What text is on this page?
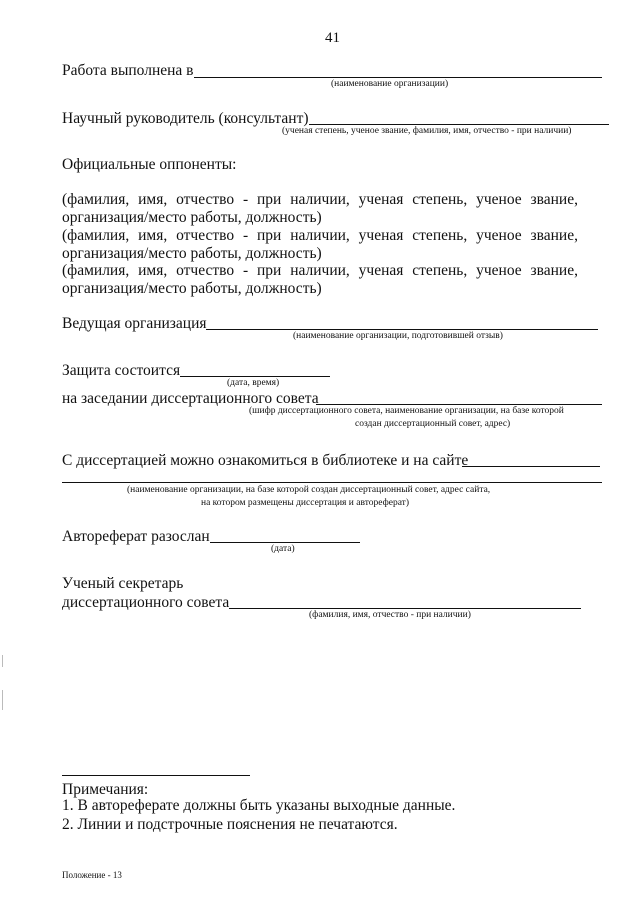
41
Работа выполнена в
(наименование организации)
Научный руководитель (консультант)
(ученая степень, ученое звание, фамилия, имя, отчество - при наличии)
Официальные оппоненты:
(фамилия, имя, отчество - при наличии, ученая степень, ученое звание,
организация/место работы, должность)
(фамилия, имя, отчество - при наличии, ученая степень, ученое звание,
организация/место работы, должность)
(фамилия, имя, отчество - при наличии, ученая степень, ученое звание,
организация/место работы, должность)
Ведущая организация
(наименование организации, подготовившей отзыв)
Защита состоится
(дата, время)
на заседании диссертационного совета
(шифр диссертационного совета, наименование организации, на базе которой
создан диссертационный совет, адрес)
С диссертацией можно ознакомиться в библиотеке и на сайте
(наименование организации, на базе которой создан диссертационный совет, адрес сайта,
на котором размещены диссертация и автореферат)
Автореферат разослан
(дата)
Ученый секретарь
диссертационного совета
(фамилия, имя, отчество - при наличии)
Примечания:
1. В автореферате должны быть указаны выходные данные.
2. Линии и подстрочные пояснения не печатаются.
Положение - 13
